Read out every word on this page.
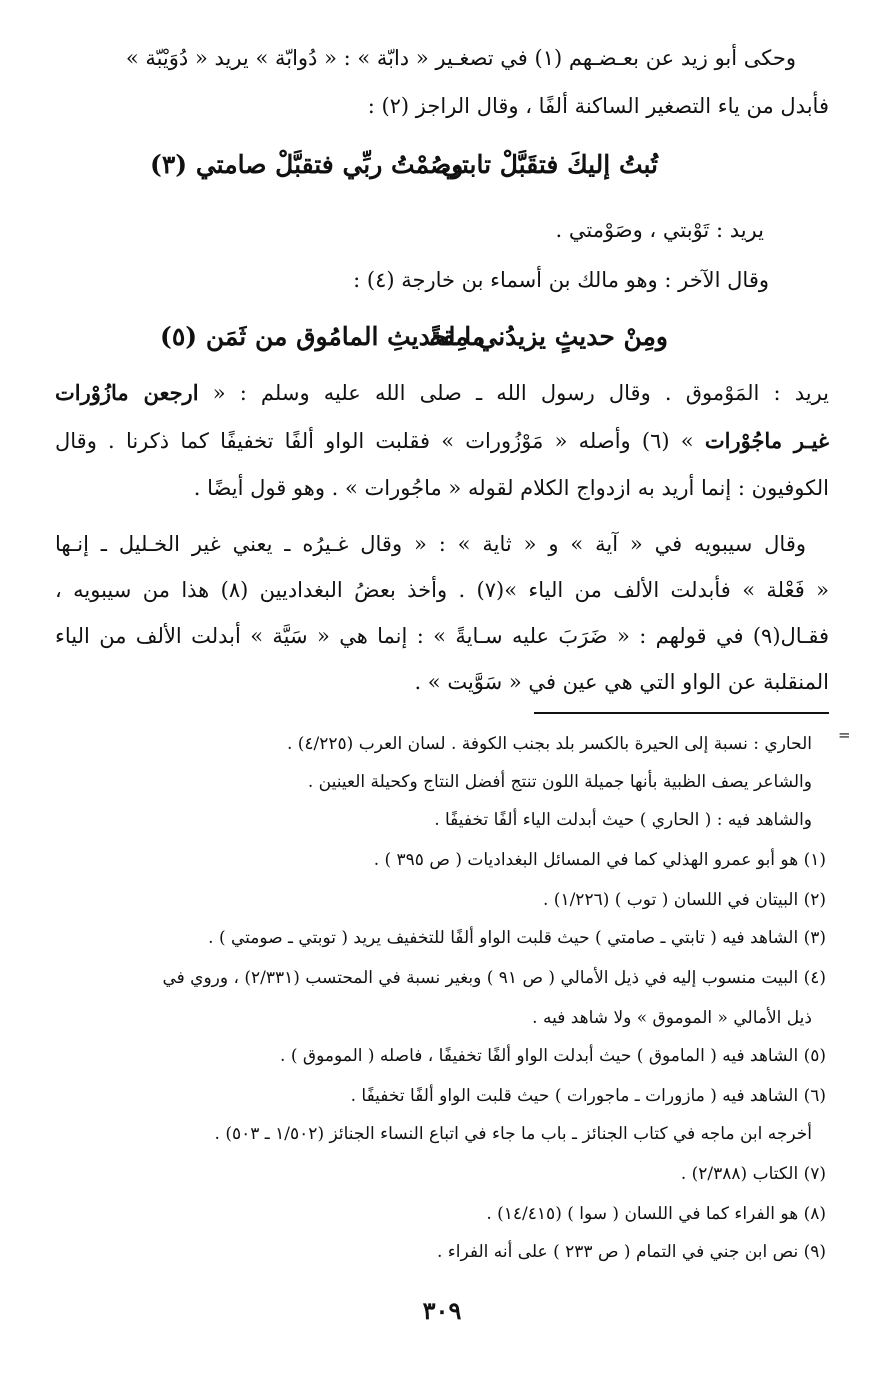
وحكى أبو زيد عن بعـضـهم (١) في تصغـير « دابّة » : « دُوابّة » يريد « دُوَيْبّة »
فأبدل من ياء التصغير الساكنة ألفًا ، وقال الراجز (٢) :
تُبتُ إليكَ فتقَبَّلْ تابتي
وصُمْتُ ربِّي فتقبَّلْ صامتي (٣)
يريد : تَوْبتي ، وصَوْمتي .
وقال الآخر : وهو مالك بن أسماء بن خارجة (٤) :
ومِنْ حديثٍ يزيدُني مِقةً
ما لحديثِ المامُوق من ثَمَن (٥)
يريد : المَوْموق . وقال رسول الله ـ صلى الله عليه وسلم : « ارجعن مازُوْرات
غيـر ماجُوْرات » (٦) وأصله « مَوْزُورات » فقلبت الواو ألفًا تخفيفًا كما ذكرنا . وقال
الكوفيون : إنما أريد به ازدواج الكلام لقوله « ماجُورات » . وهو قول أيضًا .
وقال سيبويه في « آية » و « ثاية » : « وقال غـيرُه ـ يعني غير الخـليل ـ إنـها
« فَعْلة » فأبدلت الألف من الياء »(٧) . وأخذ بعضُ البغداديين (٨) هذا من سيبويه ،
فقـال(٩) في قولهم : « ضَرَبَ عليه سـايةً » : إنما هي « سَيَّة » أبدلت الألف من الياء
المنقلبة عن الواو التي هي عين في « سَوَّيت » .
=
الحاري : نسبة إلى الحيرة بالكسر بلد بجنب الكوفة . لسان العرب (٤/٢٢٥) .
والشاعر يصف الظبية بأنها جميلة اللون تنتج أفضل النتاج وكحيلة العينين .
والشاهد فيه : ( الحاري ) حيث أبدلت الياء ألفًا تخفيفًا .
(١) هو أبو عمرو الهذلي كما في المسائل البغداديات ( ص ٣٩٥ ) .
(٢) البيتان في اللسان ( توب ) (١/٢٢٦) .
(٣) الشاهد فيه ( تابتي ـ صامتي ) حيث قلبت الواو ألفًا للتخفيف يريد ( توبتي ـ صومتي ) .
(٤) البيت منسوب إليه في ذيل الأمالي ( ص ٩١ ) وبغير نسبة في المحتسب (٢/٣٣١) ، وروي في
ذيل الأمالي « الموموق » ولا شاهد فيه .
(٥) الشاهد فيه ( الماموق ) حيث أبدلت الواو ألفًا تخفيفًا ، فاصله ( الموموق ) .
(٦) الشاهد فيه ( مازورات ـ ماجورات ) حيث قلبت الواو ألفًا تخفيفًا .
أخرجه ابن ماجه في كتاب الجنائز ـ باب ما جاء في اتباع النساء الجنائز (١/٥٠٢ ـ ٥٠٣) .
(٧) الكتاب (٢/٣٨٨) .
(٨) هو الفراء كما في اللسان ( سوا ) (١٤/٤١٥) .
(٩) نص ابن جني في التمام ( ص ٢٣٣ ) على أنه الفراء .
٣٠٩
